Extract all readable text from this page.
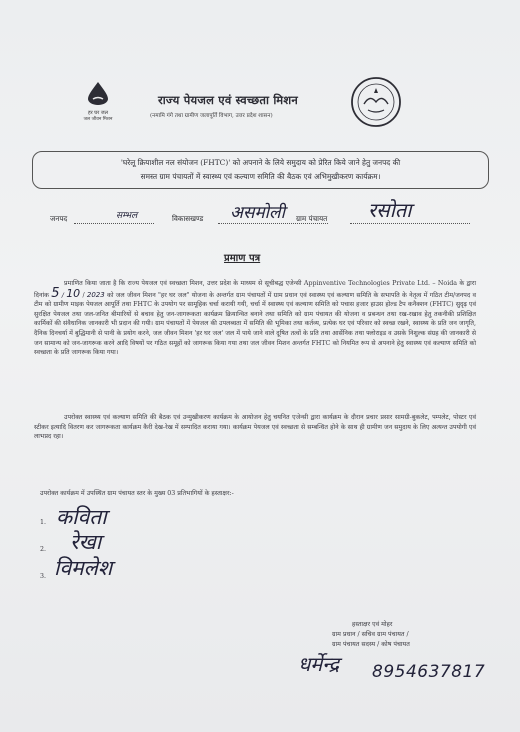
हर घर जल
जल जीवन मिशन
राज्य पेयजल एवं स्वच्छता मिशन
(नमामि गंगे तथा ग्रामीण जलापूर्ति विभाग, उत्तर प्रदेश शासन)
'घरेलू क्रियाशील नल संयोजन (FHTC)' को अपनाने के लिये समुदाय को प्रेरित किये जाने हेतु जनपद की
समस्त ग्राम पंचायतों में स्वास्थ्य एवं कल्याण समिति की बैठक एवं अभिमुखीकरण कार्यक्रम।
जनपद	सम्भल	विकासखण्ड असमोली ग्राम पंचायत रसोता
प्रमाण पत्र
प्रमाणित किया जाता है कि राज्य पेयजल एवं स्वच्छता मिशन, उत्तर प्रदेश के माध्यम से सूचीबद्ध एजेन्सी Appinventive Technologies Private Ltd. – Noida के द्वारा दिनांक 5 / 10 / 2023 को जल जीवन मिशन "हर घर जल" योजना के अन्तर्गत ग्राम पंचायतों में ग्राम प्रधान एवं स्वास्थ्य एवं कल्याण समिति के सभापति के नेतृत्व में गठित टीम/जनपद व टीम को ग्रामीण माइक पेयजल आपूर्ति तथा FHTC के उपयोग पर सामूहिक चर्चा करायी गयी, चर्चा में स्वास्थ्य एवं कल्याण समिति को पचास हजार हाउस होल्ड टैप कनैक्शन (FHTC) सुदृढ़ एवं सुरक्षित पेयजल तथा जल-जनित बीमारियों से बचाव हेतु जन-जागरूकता कार्यक्रम क्रियान्वित बनाने तथा समिति को ग्राम पंचायत की योजना व प्रबन्धन तथा रख-रखाव हेतु तकनीकी प्रशिक्षित कार्मिकों की संवैधानिक जानकारी भी प्रदान की गयी। ग्राम पंचायतों में पेयजल की उपलब्धता में समिति की भूमिका तथा कर्तव्य, प्रत्येक घर एवं परिवार को स्वच्छ रखने, स्वास्थ्य के प्रति जन जागृति, दैनिक दिनचर्या में बुद्धिमानी से पानी के प्रयोग करने, जल जीवन मिशन 'हर घर जल' जल में पाये जाने वाले दूषित तत्वों के प्रति तथा आर्सेनिक तथा फ्लोराइड व उसके निशुल्क संग्रह की जानकारी से जन सामान्य को जन-जागरूक करने आदि विषयों पर गठित समूहों को जागरूक किया गया तथा जल जीवन मिशन अन्तर्गत FHTC को नियमित रूप से अपनाने हेतु स्वास्थ्य एवं कल्याण समिति को स्वच्छता के प्रति जागरूक किया गया।
उपरोक्त स्वास्थ्य एवं कल्याण समिति की बैठक एवं उन्मुखीकरण कार्यक्रम के आयोजन हेतु चयनित एजेन्सी द्वारा कार्यक्रम के दौरान प्रचार प्रसार सामग्री-बुकलेट, पम्पलेट, पोस्टर एवं स्टीकर इत्यादि वितरण कर जागरूकता कार्यक्रम कैरी देख-रेख में सम्पादित कराया गया। कार्यक्रम पेयजल एवं स्वच्छता से सम्बन्धित होने के साथ ही ग्रामीण जन समुदाय के लिए अत्यन्त उपयोगी एवं लाभप्रद रहा।
उपरोक्त कार्यक्रम में उपस्थित ग्राम पंचायत स्तर के मुख्य 03 प्रतिभागियों के हस्ताक्षर:-
1. कविता
2. रेखा
3. विमलेश
हस्ताक्षर एवं मोहर
ग्राम प्रधान / सचिव ग्राम पंचायत /
ग्राम पंचायत सदस्य / कोष पंचायत
धर्मेन्द्र 8954637817
